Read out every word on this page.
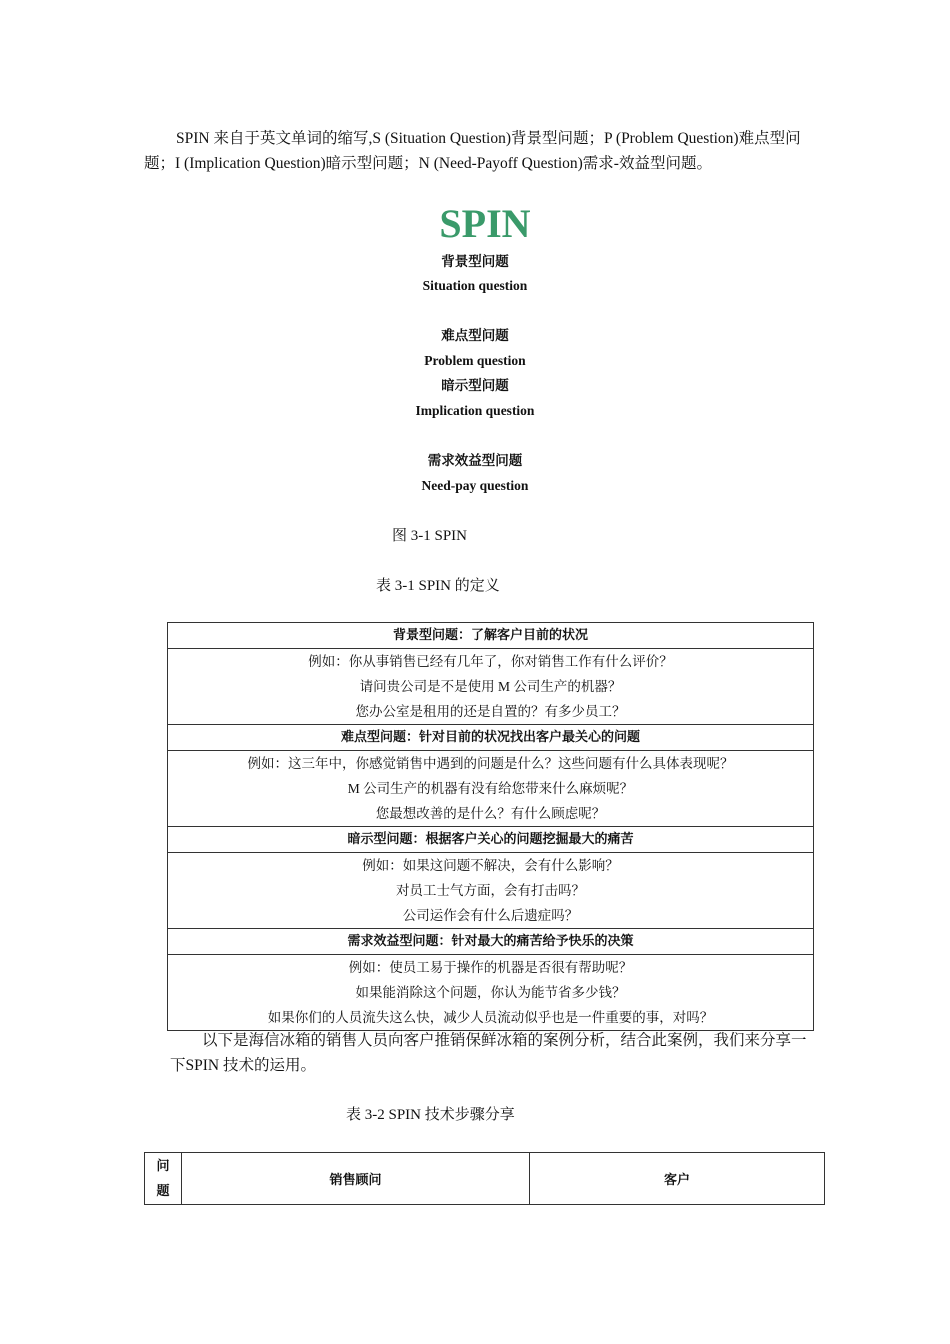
SPIN 来自于英文单词的缩写,S (Situation Question)背景型问题；P (Problem Question)难点型问题；I (Implication Question)暗示型问题；N (Need-Payoff Question)需求-效益型问题。

SPIN
背景型问题
Situation question
难点型问题
Problem question
暗示型问题
Implication question
需求效益型问题
Need-pay question
图 3-1 SPIN
表 3-1 SPIN 的定义
背景型问题：了解客户目前的状况
例如：你从事销售已经有几年了，你对销售工作有什么评价？
请问贵公司是不是使用 M 公司生产的机器？
您办公室是租用的还是自置的？有多少员工？
难点型问题：针对目前的状况找出客户最关心的问题
例如：这三年中，你感觉销售中遇到的问题是什么？这些问题有什么具体表现呢？
M 公司生产的机器有没有给您带来什么麻烦呢？
您最想改善的是什么？有什么顾虑呢？
暗示型问题：根据客户关心的问题挖掘最大的痛苦
例如：如果这问题不解决，会有什么影响？
对员工士气方面，会有打击吗？
公司运作会有什么后遗症吗？
需求效益型问题：针对最大的痛苦给予快乐的决策
例如：使员工易于操作的机器是否很有帮助呢？
如果能消除这个问题，你认为能节省多少钱？
如果你们的人员流失这么快，减少人员流动似乎也是一件重要的事，对吗？

以下是海信冰箱的销售人员向客户推销保鲜冰箱的案例分析，结合此案例，我们来分享一下SPIN 技术的运用。

表 3-2 SPIN 技术步骤分享
问
题
	销售顾问	客户
